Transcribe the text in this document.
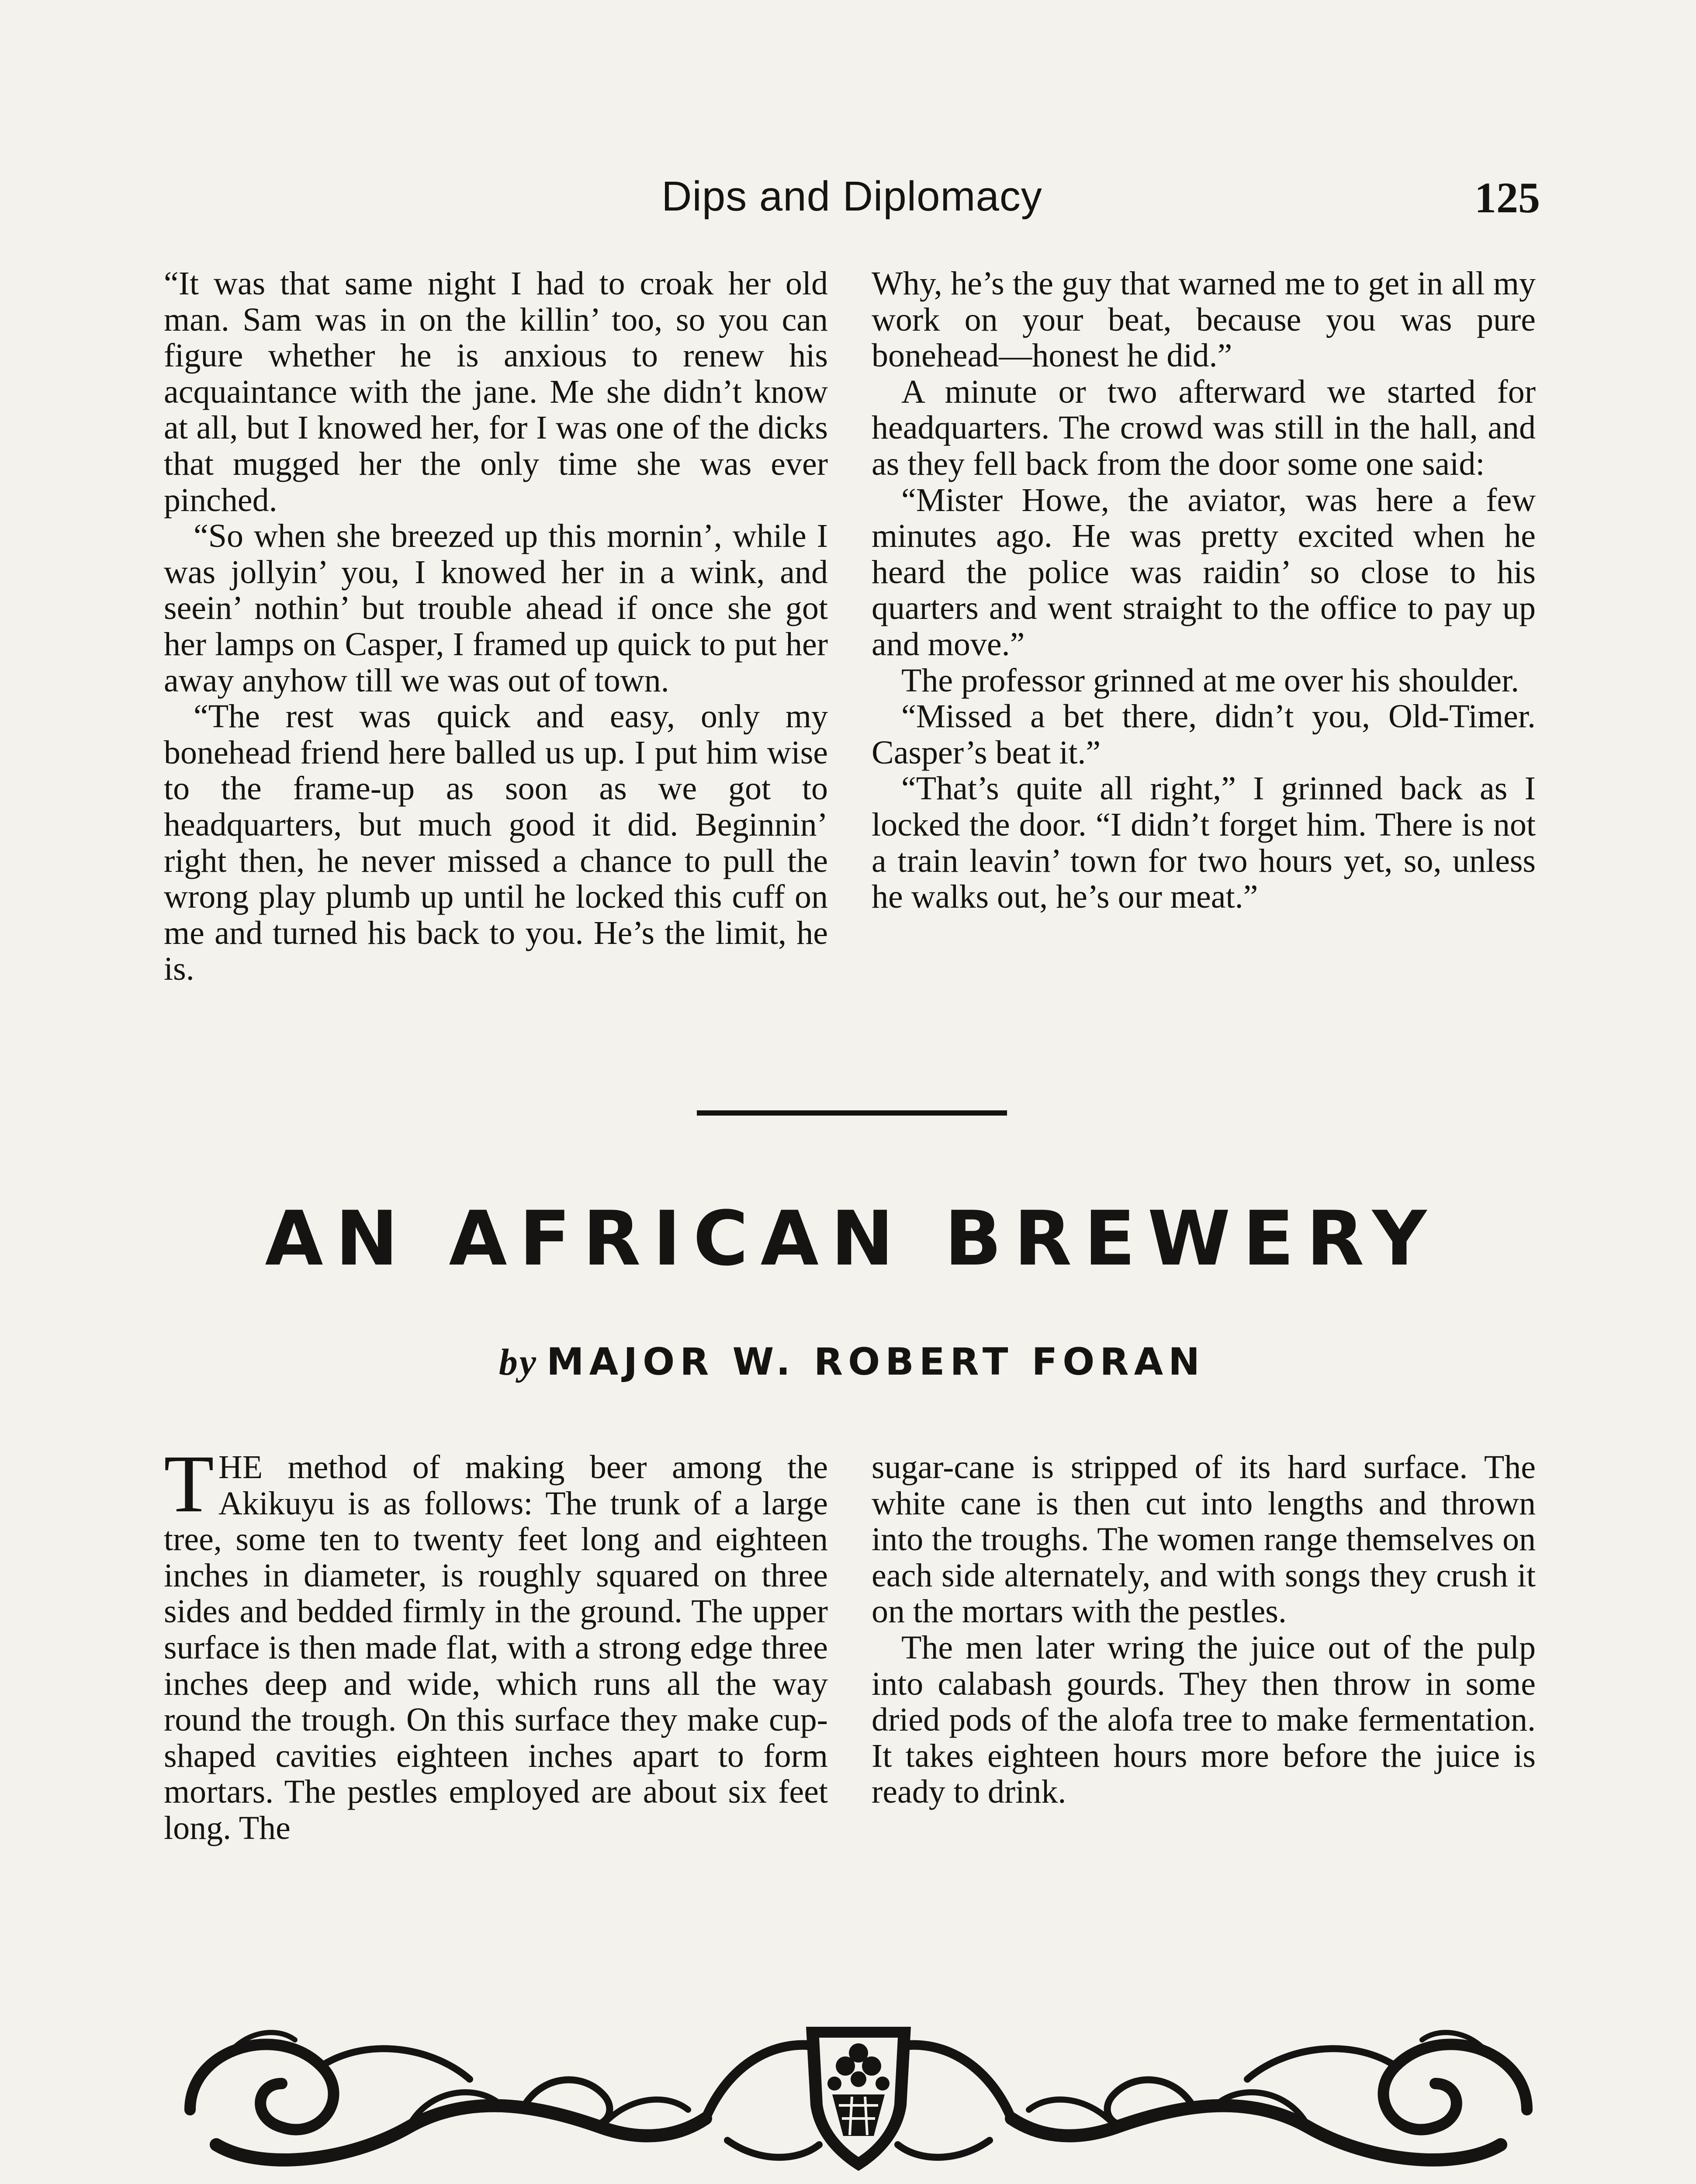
Dips and Diplomacy	125

“It was that same night I had to croak her old man. Sam was in on the killin’ too, so you can figure whether he is anxious to renew his acquaintance with the jane. Me she didn’t know at all, but I knowed her, for I was one of the dicks that mugged her the only time she was ever pinched.

“So when she breezed up this mornin’, while I was jollyin’ you, I knowed her in a wink, and seein’ nothin’ but trouble ahead if once she got her lamps on Casper, I framed up quick to put her away anyhow till we was out of town.

“The rest was quick and easy, only my bonehead friend here balled us up. I put him wise to the frame-up as soon as we got to headquarters, but much good it did. Beginnin’ right then, he never missed a chance to pull the wrong play plumb up until he locked this cuff on me and turned his back to you. He’s the limit, he is.

Why, he’s the guy that warned me to get in all my work on your beat, because you was pure bonehead—honest he did.”

A minute or two afterward we started for headquarters. The crowd was still in the hall, and as they fell back from the door some one said:

“Mister Howe, the aviator, was here a few minutes ago. He was pretty excited when he heard the police was raidin’ so close to his quarters and went straight to the office to pay up and move.”

The professor grinned at me over his shoulder.

“Missed a bet there, didn’t you, Old-Timer. Casper’s beat it.”

“That’s quite all right,” I grinned back as I locked the door. “I didn’t forget him. There is not a train leavin’ town for two hours yet, so, unless he walks out, he’s our meat.”

AN AFRICAN BREWERY
by MAJOR W. ROBERT FORAN

THE method of making beer among the Akikuyu is as follows: The trunk of a large tree, some ten to twenty feet long and eighteen inches in diameter, is roughly squared on three sides and bedded firmly in the ground. The upper surface is then made flat, with a strong edge three inches deep and wide, which runs all the way round the trough. On this surface they make cup-shaped cavities eighteen inches apart to form mortars. The pestles employed are about six feet long. The

sugar-cane is stripped of its hard surface. The white cane is then cut into lengths and thrown into the troughs. The women range themselves on each side alternately, and with songs they crush it on the mortars with the pestles.

The men later wring the juice out of the pulp into calabash gourds. They then throw in some dried pods of the alofa tree to make fermentation. It takes eighteen hours more before the juice is ready to drink.
